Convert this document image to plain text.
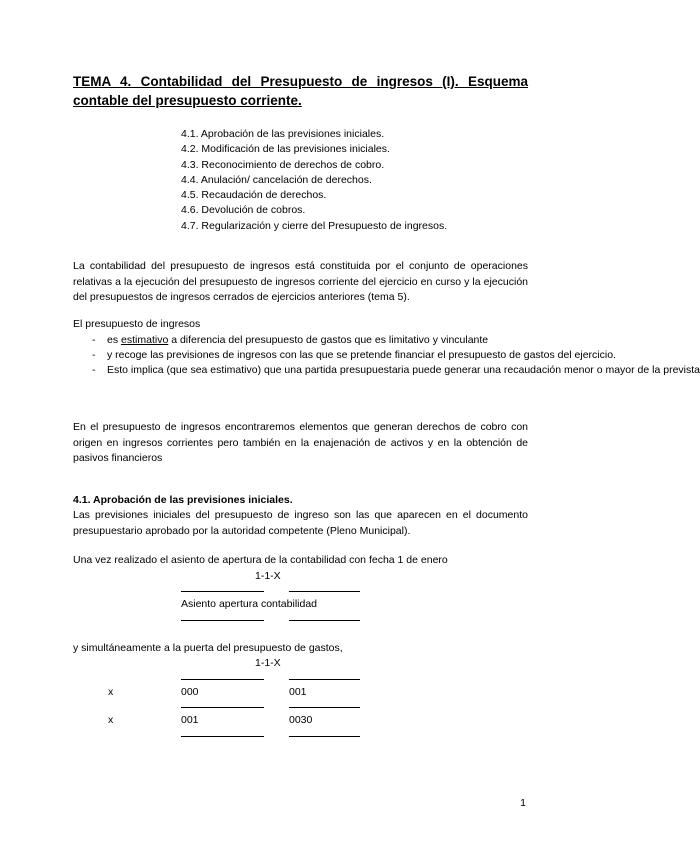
TEMA 4. Contabilidad del Presupuesto de ingresos (I). Esquema contable del presupuesto corriente.
4.1. Aprobación de las previsiones iniciales.
4.2. Modificación de las previsiones iniciales.
4.3. Reconocimiento de derechos de cobro.
4.4. Anulación/ cancelación de derechos.
4.5. Recaudación de derechos.
4.6. Devolución de cobros.
4.7. Regularización y cierre del Presupuesto de ingresos.
La contabilidad del presupuesto de ingresos está constituida por el conjunto de operaciones relativas a la ejecución del presupuesto de ingresos corriente del ejercicio en curso y la ejecución del presupuestos de ingresos cerrados de ejercicios anteriores (tema 5).
El presupuesto de ingresos
- es estimativo a diferencia del presupuesto de gastos que es limitativo y vinculante
- y recoge las previsiones de ingresos con las que se pretende financiar el presupuesto de gastos del ejercicio.
- Esto implica (que sea estimativo) que una partida presupuestaria puede generar una recaudación menor o mayor de la prevista
En el presupuesto de ingresos encontraremos elementos que generan derechos de cobro con origen en ingresos corrientes pero también en la enajenación de activos y en la obtención de pasivos financieros
4.1. Aprobación de las previsiones iniciales.
Las previsiones iniciales del presupuesto de ingreso son las que aparecen en el documento presupuestario aprobado por la autoridad competente (Pleno Municipal).
Una vez realizado el asiento de apertura de la contabilidad con fecha 1 de enero
1-1-X
Asiento apertura contabilidad
y simultáneamente a la puerta del presupuesto de gastos,
1-1-X
x	000	001
x	001	0030
1
